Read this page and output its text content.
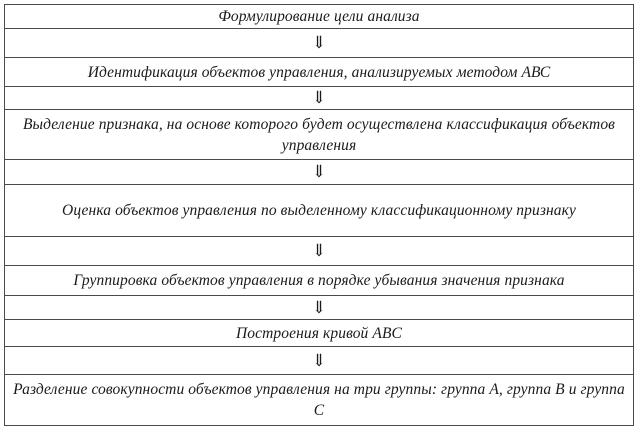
Формулирование цели анализа
⇓
Идентификация объектов управления, анализируемых методом АВС
⇓
Выделение признака, на основе которого будет осуществлена классификация объектов управления
⇓
Оценка объектов управления по выделенному классификационному признаку
⇓
Группировка объектов управления в порядке убывания значения признака
⇓
Построения кривой ABC
⇓
Разделение совокупности объектов управления на три группы: группа А, группа В и группа С
